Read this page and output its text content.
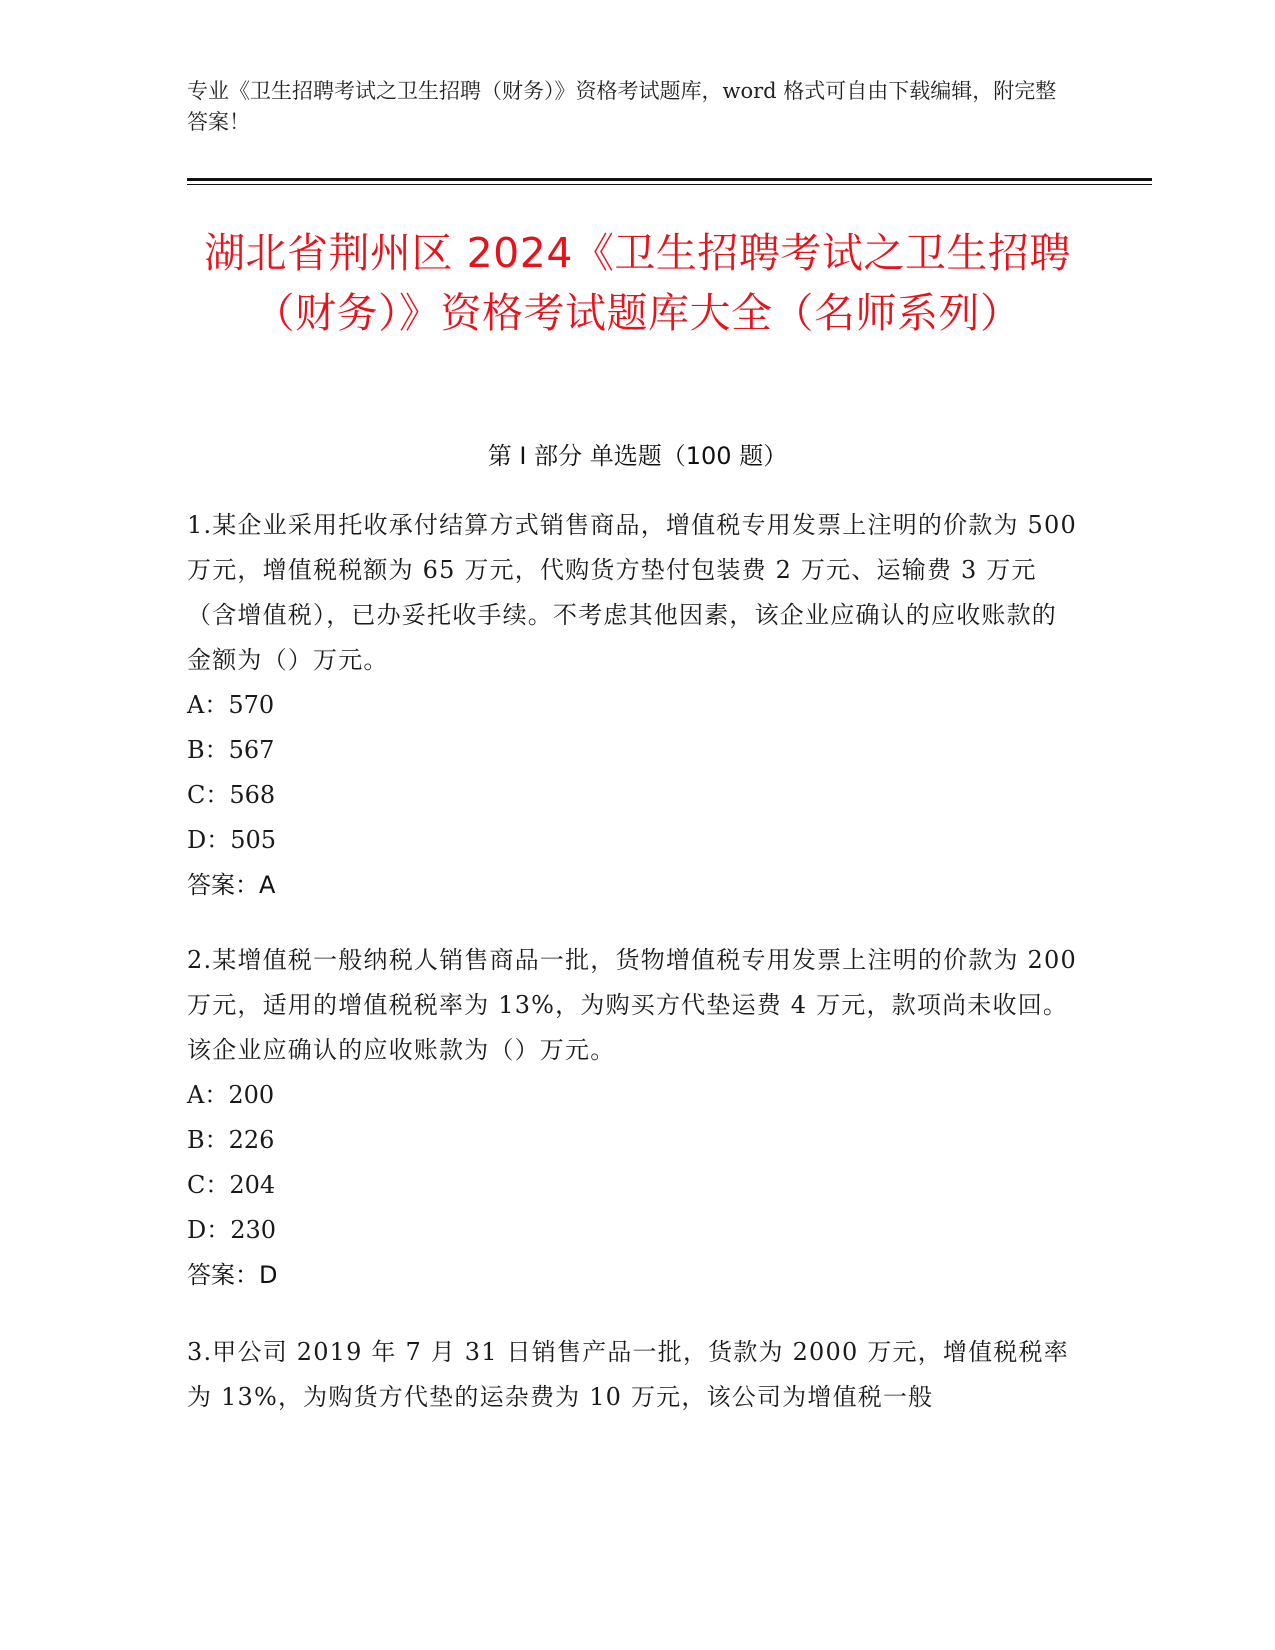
专业《卫生招聘考试之卫生招聘（财务）》资格考试题库，word 格式可自由下载编辑，附完整答案！
湖北省荆州区 2024《卫生招聘考试之卫生招聘（财务）》资格考试题库大全（名师系列）
第 I 部分 单选题（100 题）
1.某企业采用托收承付结算方式销售商品，增值税专用发票上注明的价款为 500 万元，增值税税额为 65 万元，代购货方垫付包装费 2 万元、运输费 3 万元（含增值税），已办妥托收手续。不考虑其他因素，该企业应确认的应收账款的金额为（）万元。
A：570
B：567
C：568
D：505
答案：A
2.某增值税一般纳税人销售商品一批，货物增值税专用发票上注明的价款为 200 万元，适用的增值税税率为 13%，为购买方代垫运费 4 万元，款项尚未收回。该企业应确认的应收账款为（）万元。
A：200
B：226
C：204
D：230
答案：D
3.甲公司 2019 年 7 月 31 日销售产品一批，货款为 2000 万元，增值税税率为 13%，为购货方代垫的运杂费为 10 万元，该公司为增值税一般
